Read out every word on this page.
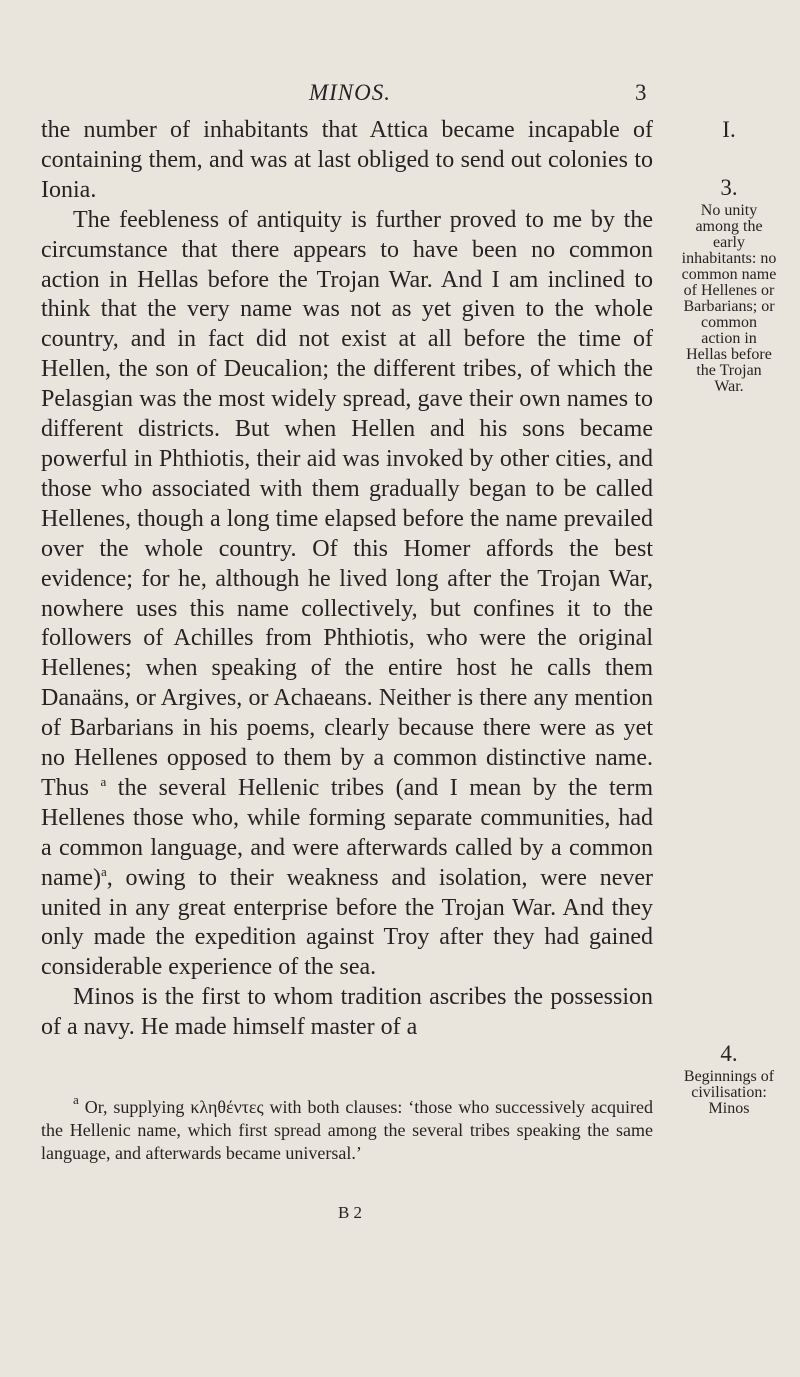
MINOS.	3

the number of inhabitants that Attica became incapable of containing them, and was at last obliged to send out colonies to Ionia.

The feebleness of antiquity is further proved to me by the circumstance that there appears to have been no common action in Hellas before the Trojan War. And I am inclined to think that the very name was not as yet given to the whole country, and in fact did not exist at all before the time of Hellen, the son of Deucalion; the different tribes, of which the Pelasgian was the most widely spread, gave their own names to different districts. But when Hellen and his sons became powerful in Phthiotis, their aid was invoked by other cities, and those who associated with them gradually began to be called Hellenes, though a long time elapsed before the name prevailed over the whole country. Of this Homer affords the best evidence; for he, although he lived long after the Trojan War, nowhere uses this name collectively, but confines it to the followers of Achilles from Phthiotis, who were the original Hellenes; when speaking of the entire host he calls them Danaäns, or Argives, or Achaeans. Neither is there any mention of Barbarians in his poems, clearly because there were as yet no Hellenes opposed to them by a common distinctive name. Thus $^a$ the several Hellenic tribes (and I mean by the term Hellenes those who, while forming separate communities, had a common language, and were afterwards called by a common name)$^a$, owing to their weakness and isolation, were never united in any great enterprise before the Trojan War. And they only made the expedition against Troy after they had gained considerable experience of the sea.

Minos is the first to whom tradition ascribes the possession of a navy. He made himself master of a

I.
3.
No unity among the early inhabitants: no common name of Hellenes or Barbarians; or common action in Hellas before the Trojan War.
4.
Beginnings of civilisation: Minos
$^a$ Or, supplying κληθέντες with both clauses: ‘those who successively acquired the Hellenic name, which first spread among the several tribes speaking the same language, and afterwards became universal.’
B 2
